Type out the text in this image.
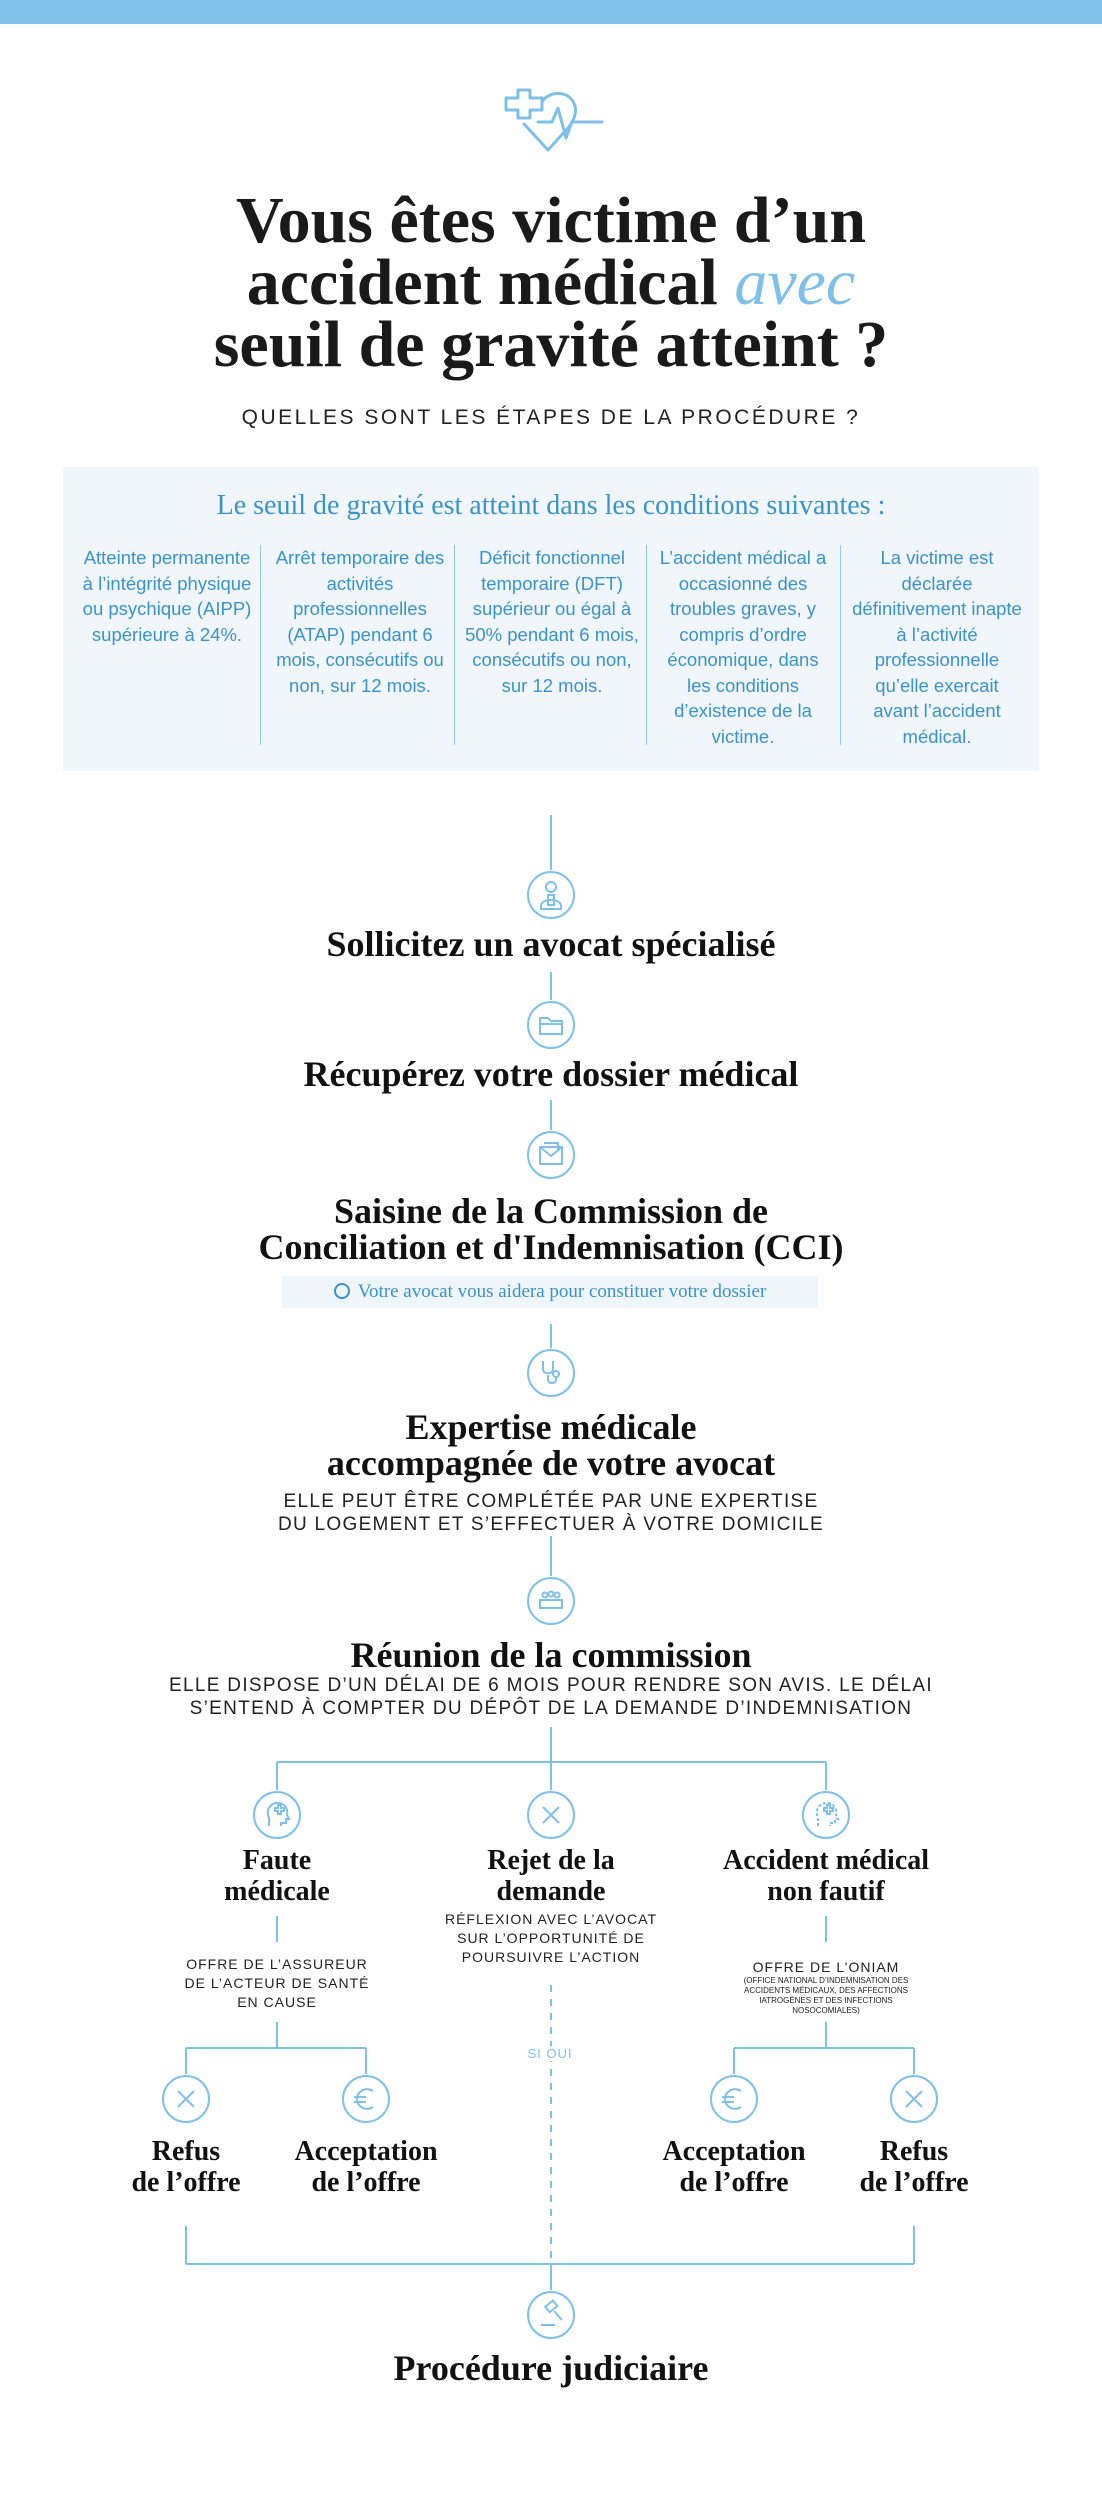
Vous êtes victime d’un
accident médical avec
seuil de gravité atteint ?
QUELLES SONT LES ÉTAPES DE LA PROCÉDURE ?
Le seuil de gravité est atteint dans les conditions suivantes :
Atteinte permanente à l’intégrité physique ou psychique (AIPP) supérieure à 24%.
Arrêt temporaire des activités professionnelles (ATAP) pendant 6 mois, consécutifs ou non, sur 12 mois.
Déficit fonctionnel temporaire (DFT) supérieur ou égal à 50% pendant 6 mois, consécutifs ou non, sur 12 mois.
L’accident médical a occasionné des troubles graves, y compris d’ordre économique, dans les conditions d’existence de la victime.
La victime est déclarée définitivement inapte à l’activité professionnelle qu’elle exercait avant l’accident médical.
Sollicitez un avocat spécialisé
Récupérez votre dossier médical
Saisine de la Commission de
Conciliation et d'Indemnisation (CCI)
Votre avocat vous aidera pour constituer votre dossier
Expertise médicale
accompagnée de votre avocat
ELLE PEUT ÊTRE COMPLÉTÉE PAR UNE EXPERTISE
DU LOGEMENT ET S’EFFECTUER À VOTRE DOMICILE
Réunion de la commission
ELLE DISPOSE D’UN DÉLAI DE 6 MOIS POUR RENDRE SON AVIS. LE DÉLAI
S’ENTEND À COMPTER DU DÉPÔT DE LA DEMANDE D’INDEMNISATION
Faute
médicale
Rejet de la
demande
Accident médical
non fautif
OFFRE DE L’ASSUREUR
DE L’ACTEUR DE SANTÉ
EN CAUSE
RÉFLEXION AVEC L’AVOCAT
SUR L’OPPORTUNITÉ DE
POURSUIVRE L’ACTION
SI OUI
OFFRE DE L’ONIAM
(OFFICE NATIONAL D’INDEMNISATION DES
ACCIDENTS MÉDICAUX, DES AFFECTIONS
IATROGÈNES ET DES INFECTIONS
NOSOCOMIALES)
Refus
de l’offre
Acceptation
de l’offre
Acceptation
de l’offre
Refus
de l’offre
Procédure judiciaire
